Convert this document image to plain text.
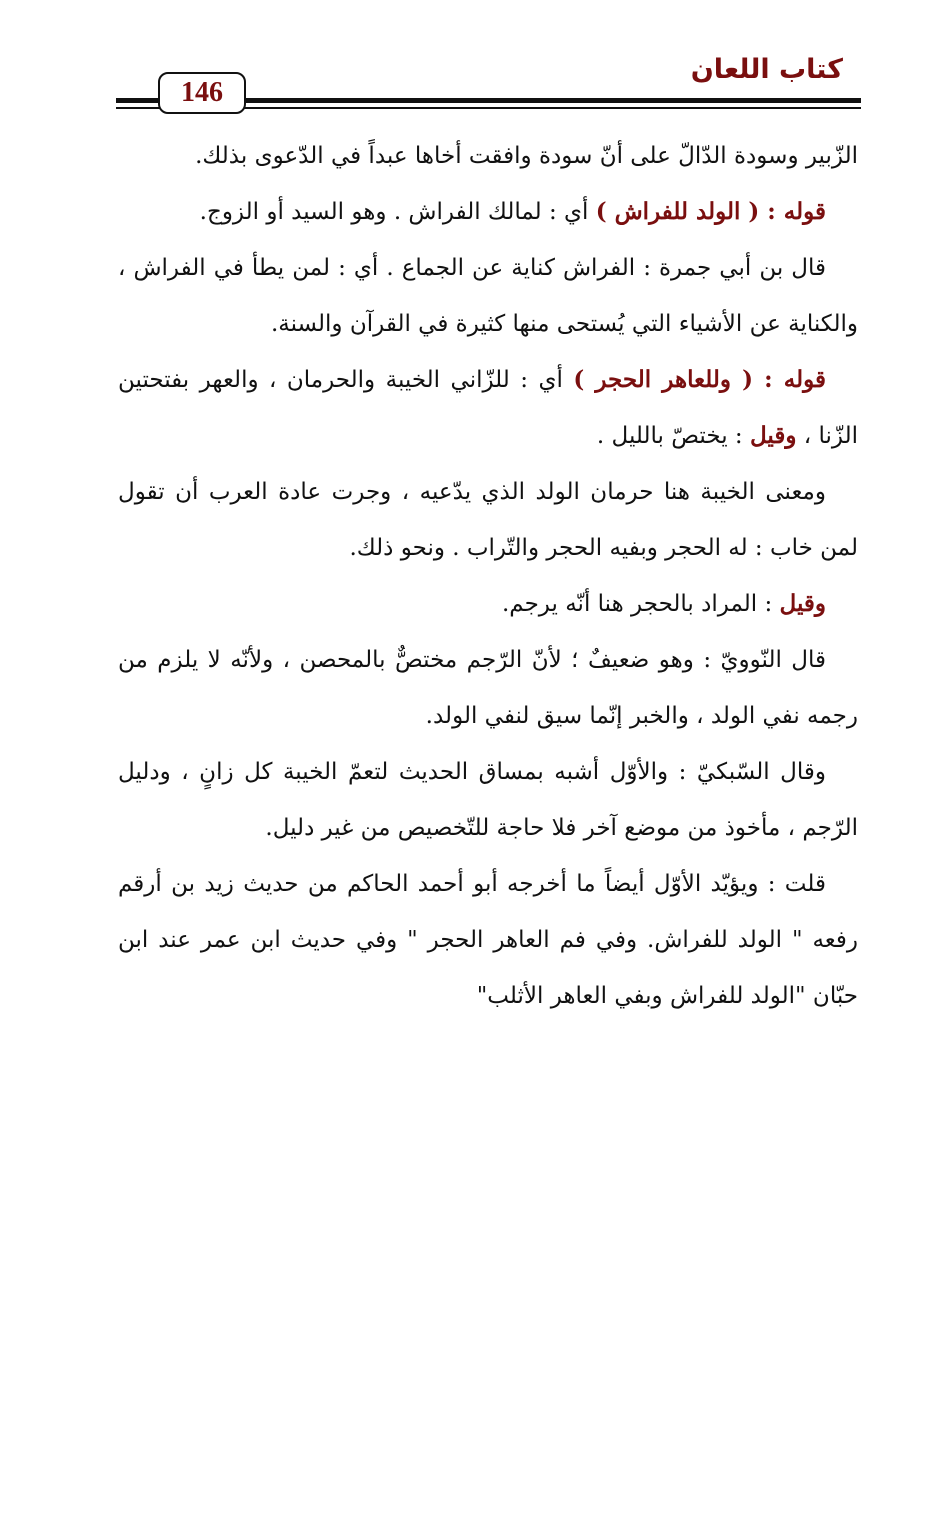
كتاب اللعان
146

الزّبير وسودة الدّالّ على أنّ سودة وافقت أخاها عبداً في الدّعوى بذلك.

قوله : ( الولد للفراش ) أي : لمالك الفراش . وهو السيد أو الزوج.

قال بن أبي جمرة : الفراش كناية عن الجماع . أي : لمن يطأ في الفراش ، والكناية عن الأشياء التي يُستحى منها كثيرة في القرآن والسنة.

قوله : ( وللعاهر الحجر ) أي : للزّاني الخيبة والحرمان ، والعهر بفتحتين الزّنا ، وقيل : يختصّ بالليل .

ومعنى الخيبة هنا حرمان الولد الذي يدّعيه ، وجرت عادة العرب أن تقول لمن خاب : له الحجر وبفيه الحجر والتّراب . ونحو ذلك.

وقيل : المراد بالحجر هنا أنّه يرجم.

قال النّوويّ : وهو ضعيفٌ ؛ لأنّ الرّجم مختصٌّ بالمحصن ، ولأنّه لا يلزم من رجمه نفي الولد ، والخبر إنّما سيق لنفي الولد.

وقال السّبكيّ : والأوّل أشبه بمساق الحديث لتعمّ الخيبة كل زانٍ ، ودليل الرّجم ، مأخوذ من موضع آخر فلا حاجة للتّخصيص من غير دليل.

قلت : ويؤيّد الأوّل أيضاً ما أخرجه أبو أحمد الحاكم من حديث زيد بن أرقم رفعه " الولد للفراش. وفي فم العاهر الحجر " وفي حديث ابن عمر عند ابن حبّان "الولد للفراش وبفي العاهر الأثلب"
